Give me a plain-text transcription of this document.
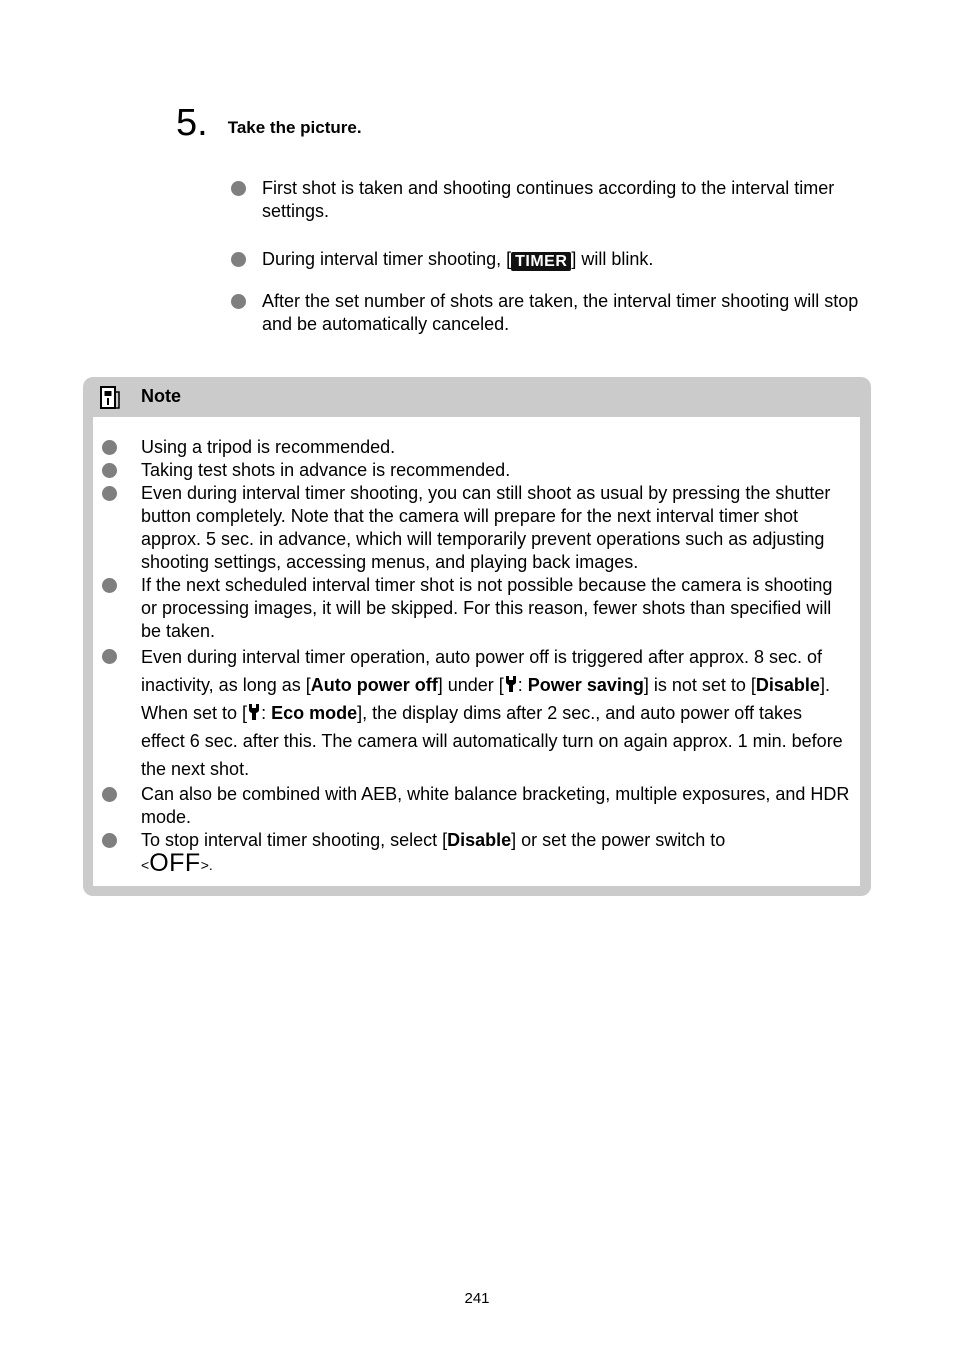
5. Take the picture.
First shot is taken and shooting continues according to the interval timer settings.
During interval timer shooting, [ TIMER ] will blink.
After the set number of shots are taken, the interval timer shooting will stop and be automatically canceled.
Note
Using a tripod is recommended.
Taking test shots in advance is recommended.
Even during interval timer shooting, you can still shoot as usual by pressing the shutter button completely. Note that the camera will prepare for the next interval timer shot approx. 5 sec. in advance, which will temporarily prevent operations such as adjusting shooting settings, accessing menus, and playing back images.
If the next scheduled interval timer shot is not possible because the camera is shooting or processing images, it will be skipped. For this reason, fewer shots than specified will be taken.
Even during interval timer operation, auto power off is triggered after approx. 8 sec. of inactivity, as long as [Auto power off] under [ : Power saving] is not set to [Disable]. When set to [ : Eco mode], the display dims after 2 sec., and auto power off takes effect 6 sec. after this. The camera will automatically turn on again approx. 1 min. before the next shot.
Can also be combined with AEB, white balance bracketing, multiple exposures, and HDR mode.
To stop interval timer shooting, select [Disable] or set the power switch to
<OFF>.
241
